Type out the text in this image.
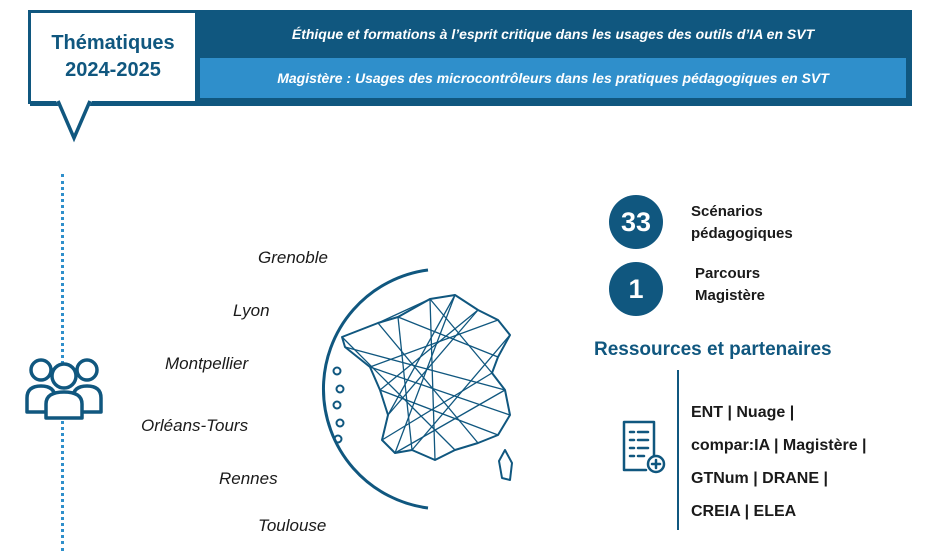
Éthique et formations à l’esprit critique dans les usages des outils d’IA en SVT
Magistère : Usages des microcontrôleurs dans les pratiques pédagogiques en SVT
Thématiques
2024-2025
Grenoble
Lyon
Montpellier
Orléans-Tours
Rennes
Toulouse
33	Scénarios
pédagogiques
1	Parcours
Magistère
Ressources et partenaires
ENT | Nuage |
compar:IA | Magistère |
GTNum | DRANE |
CREIA | ELEA
